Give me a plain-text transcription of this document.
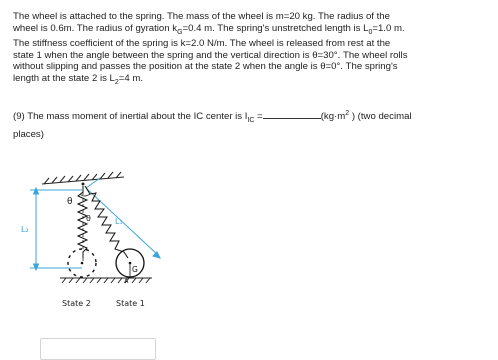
The wheel is attached to the spring. The mass of the wheel is m=20 kg. The radius of the
wheel is 0.6m. The radius of gyration $k_G=0.4$ m. The spring's unstretched length is $L_0=1.0$ m.
The stiffness coefficient of the spring is k=2.0 N/m. The wheel is released from rest at the
state 1 when the angle between the spring and the vertical direction is θ=30°. The wheel rolls
without slipping and passes the position at the state 2 when the angle is θ=0°. The spring's
length at the state 2 is $L_2=4$ m.

(9) The mass moment of inertial about the IC center is $I_{IC}$ =	($kg\cdot m^2$ ) (two decimal
places)

L₂
L₁
θ
θ
G
A
State 2	State 1
